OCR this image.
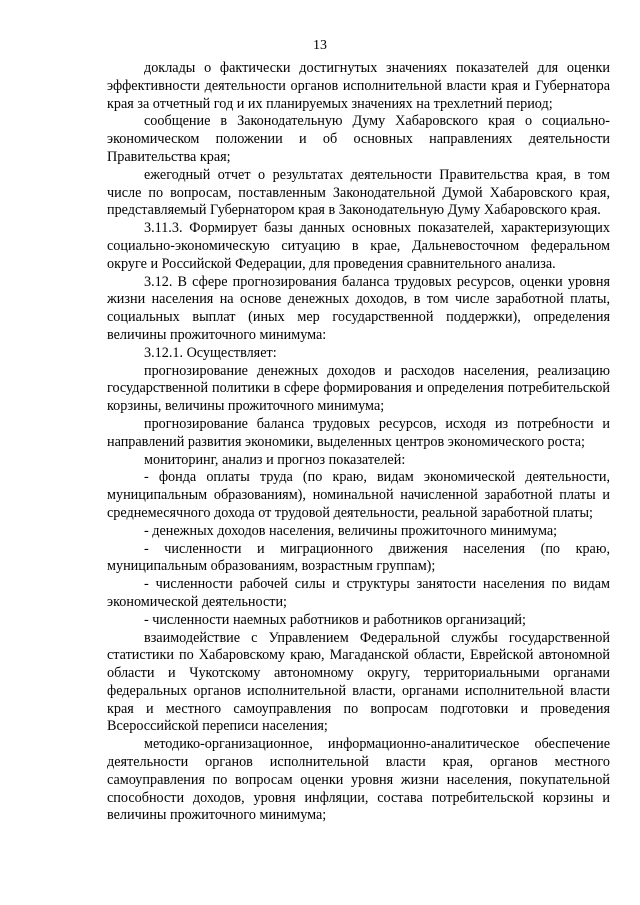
13

доклады о фактически достигнутых значениях показателей для оценки эффективности деятельности органов исполнительной власти края и Губернатора края за отчетный год и их планируемых значениях на трехлетний период;

сообщение в Законодательную Думу Хабаровского края о социально-экономическом положении и об основных направлениях деятельности Правительства края;

ежегодный отчет о результатах деятельности Правительства края, в том числе по вопросам, поставленным Законодательной Думой Хабаровского края, представляемый Губернатором края в Законодательную Думу Хабаровского края.

3.11.3. Формирует базы данных основных показателей, характеризующих социально-экономическую ситуацию в крае, Дальневосточном федеральном округе и Российской Федерации, для проведения сравнительного анализа.

3.12. В сфере прогнозирования баланса трудовых ресурсов, оценки уровня жизни населения на основе денежных доходов, в том числе заработной платы, социальных выплат (иных мер государственной поддержки), определения величины прожиточного минимума:

3.12.1. Осуществляет:

прогнозирование денежных доходов и расходов населения, реализацию государственной политики в сфере формирования и определения потребительской корзины, величины прожиточного минимума;

прогнозирование баланса трудовых ресурсов, исходя из потребности и направлений развития экономики, выделенных центров экономического роста;

мониторинг, анализ и прогноз показателей:

- фонда оплаты труда (по краю, видам экономической деятельности, муниципальным образованиям), номинальной начисленной заработной платы и среднемесячного дохода от трудовой деятельности, реальной заработной платы;

- денежных доходов населения, величины прожиточного минимума;

- численности и миграционного движения населения (по краю, муниципальным образованиям, возрастным группам);

- численности рабочей силы и структуры занятости населения по видам экономической деятельности;

- численности наемных работников и работников организаций;

взаимодействие с Управлением Федеральной службы государственной статистики по Хабаровскому краю, Магаданской области, Еврейской автономной области и Чукотскому автономному округу, территориальными органами федеральных органов исполнительной власти, органами исполнительной власти края и местного самоуправления по вопросам подготовки и проведения Всероссийской переписи населения;

методико-организационное, информационно-аналитическое обеспечение деятельности органов исполнительной власти края, органов местного самоуправления по вопросам оценки уровня жизни населения, покупательной способности доходов, уровня инфляции, состава потребительской корзины и величины прожиточного минимума;
